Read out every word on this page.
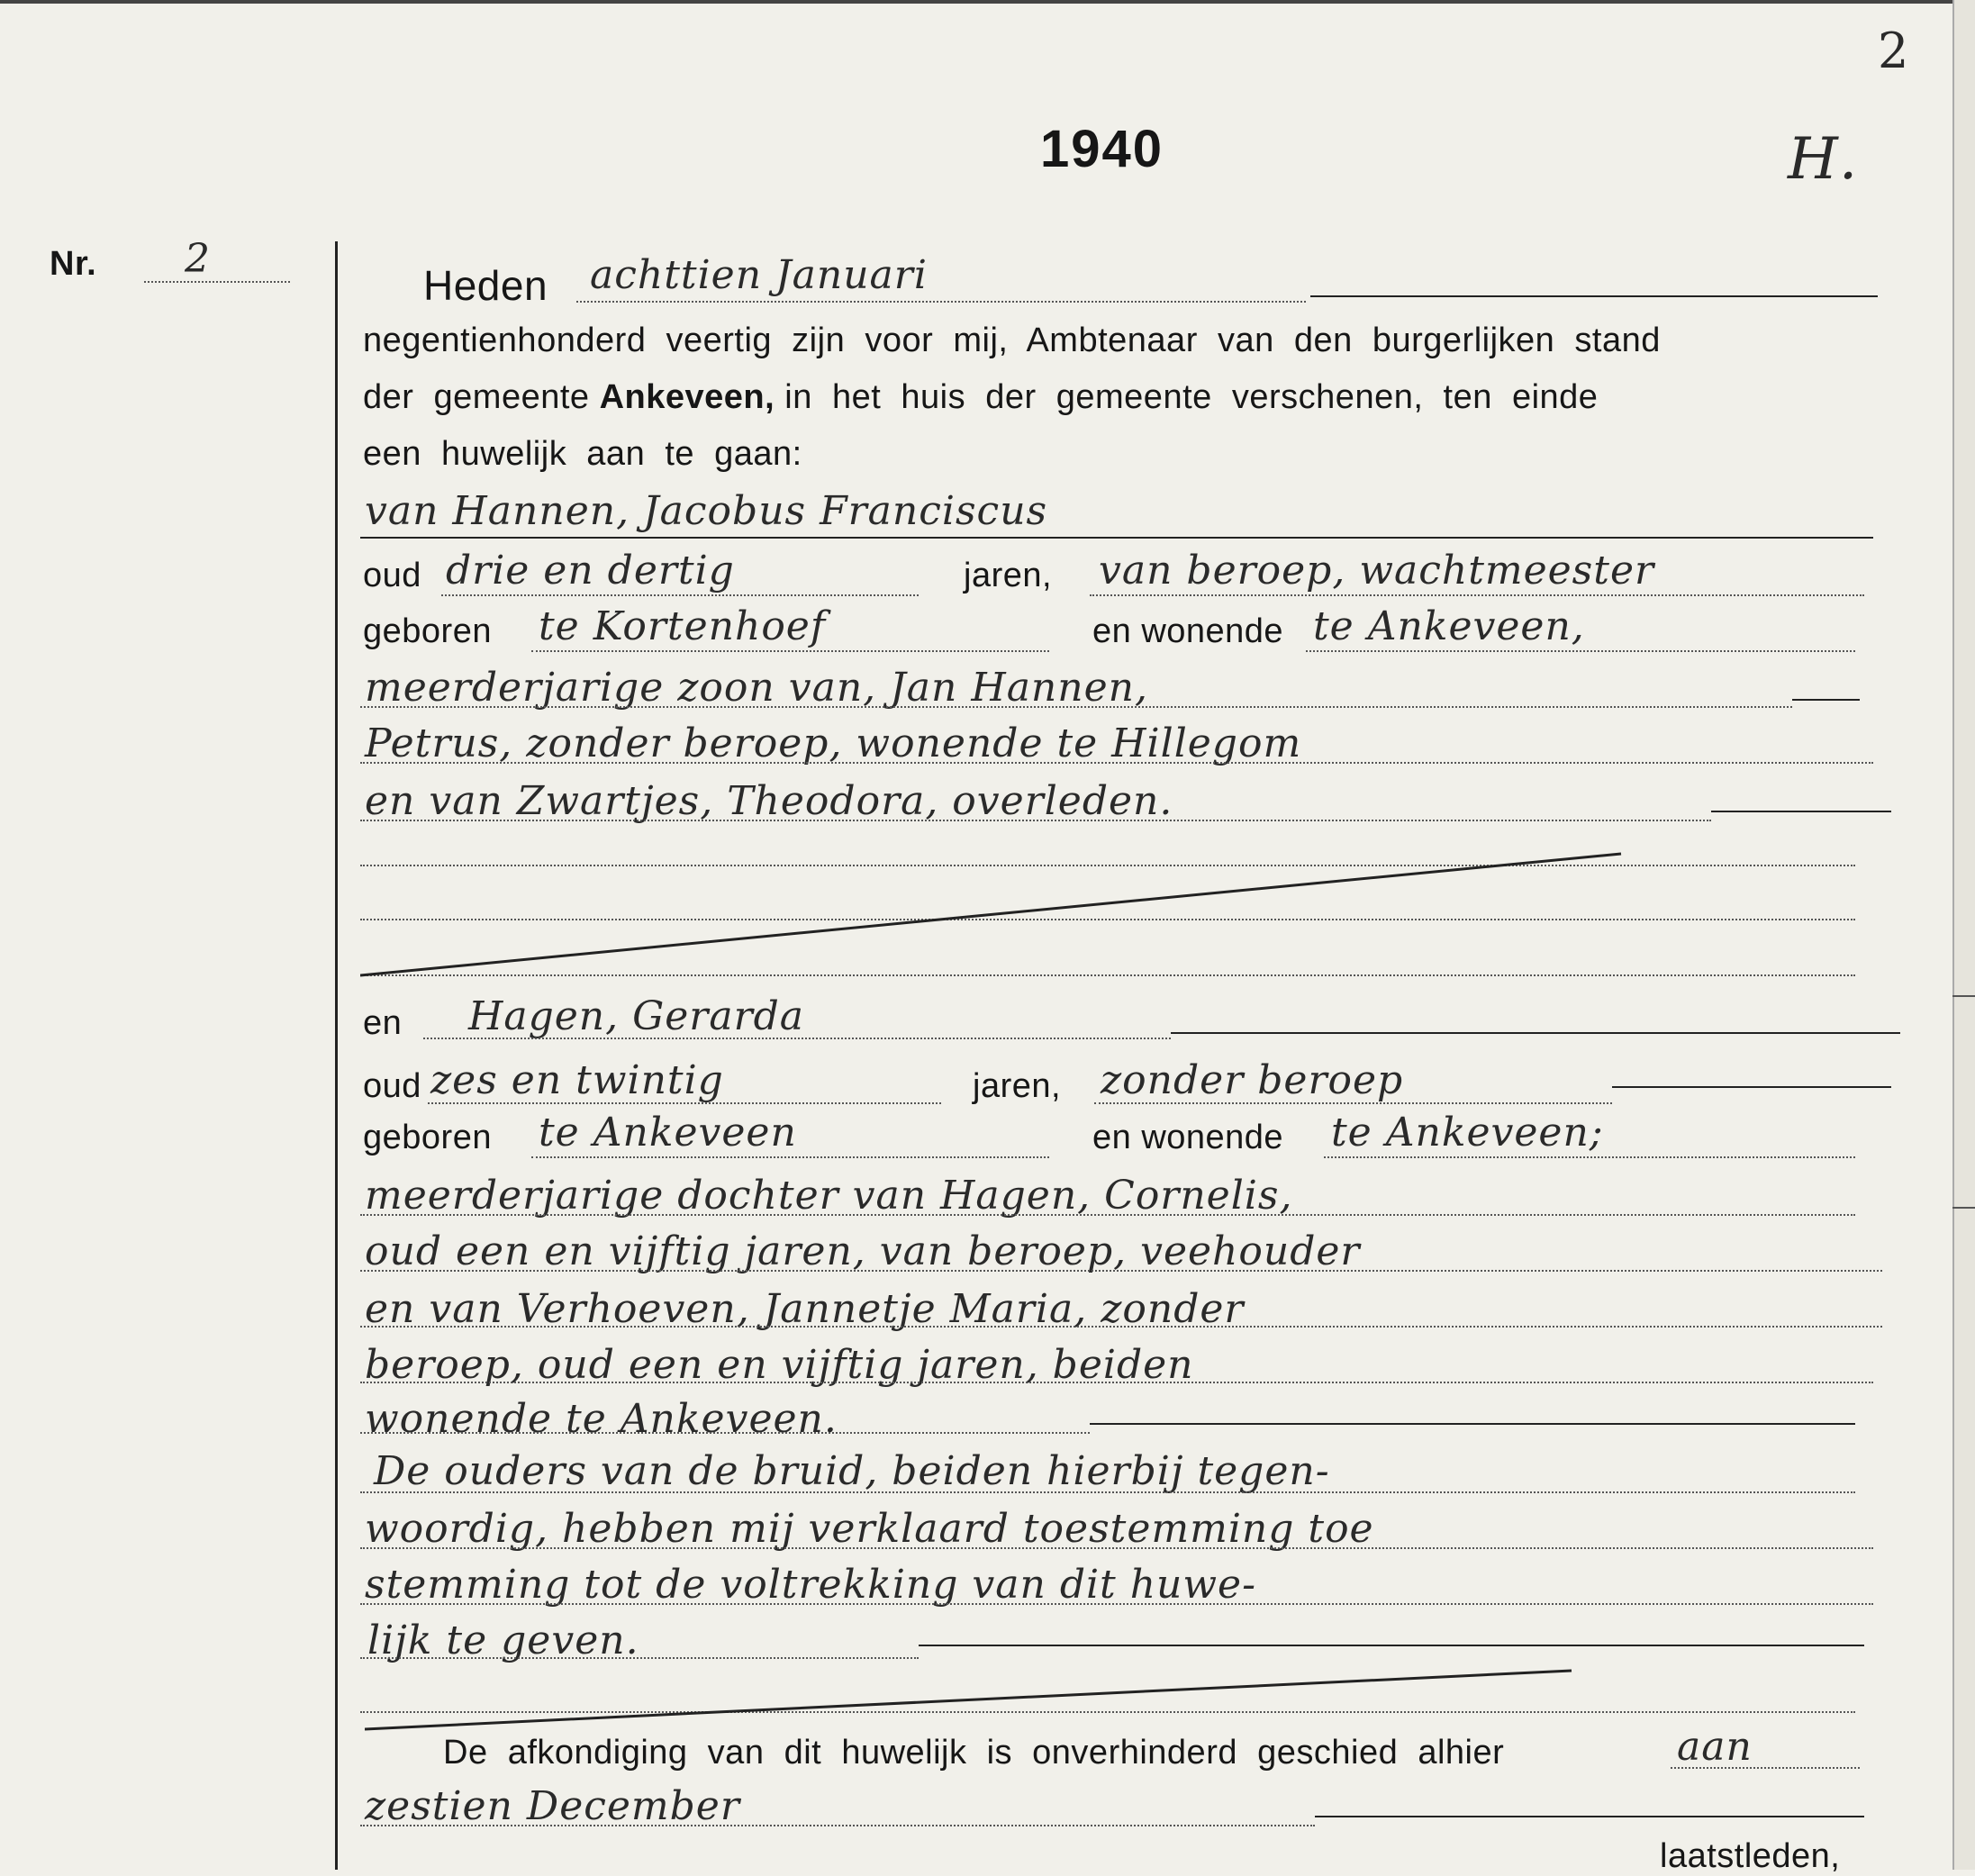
1940
2
H.
Nr. 2
Heden achttien Januari
negentienhonderd  veertig  zijn  voor  mij,  Ambtenaar  van  den  burgerlijken  stand
der  gemeente Ankeveen, in  het  huis  der  gemeente  verschenen,  ten  einde
een  huwelijk  aan  te  gaan:
van Hannen, Jacobus Franciscus
oud drie en dertig	jaren, van beroep, wachtmeester
geboren te Kortenhoef	en wonende te Ankeveen,
meerderjarige zoon van, Jan Hannen,
Petrus, zonder beroep, wonende te Hillegom
en van Zwartjes, Theodora, overleden.
en Hagen, Gerarda
oud zes en twintig	jaren, zonder beroep
geboren te Ankeveen	en wonende te Ankeveen;
meerderjarige dochter van Hagen, Cornelis,
oud een en vijftig jaren, van beroep, veehouder
en van Verhoeven, Jannetje Maria, zonder
beroep, oud een en vijftig jaren, beiden
wonende te Ankeveen.
De ouders van de bruid, beiden hierbij tegen-
woordig, hebben mij verklaard toestemming toe
stemming tot de voltrekking van dit huwe-
lijk te geven.
De  afkondiging  van  dit  huwelijk  is  onverhinderd  geschied  alhier	aan
zestien December
laatstleden,
